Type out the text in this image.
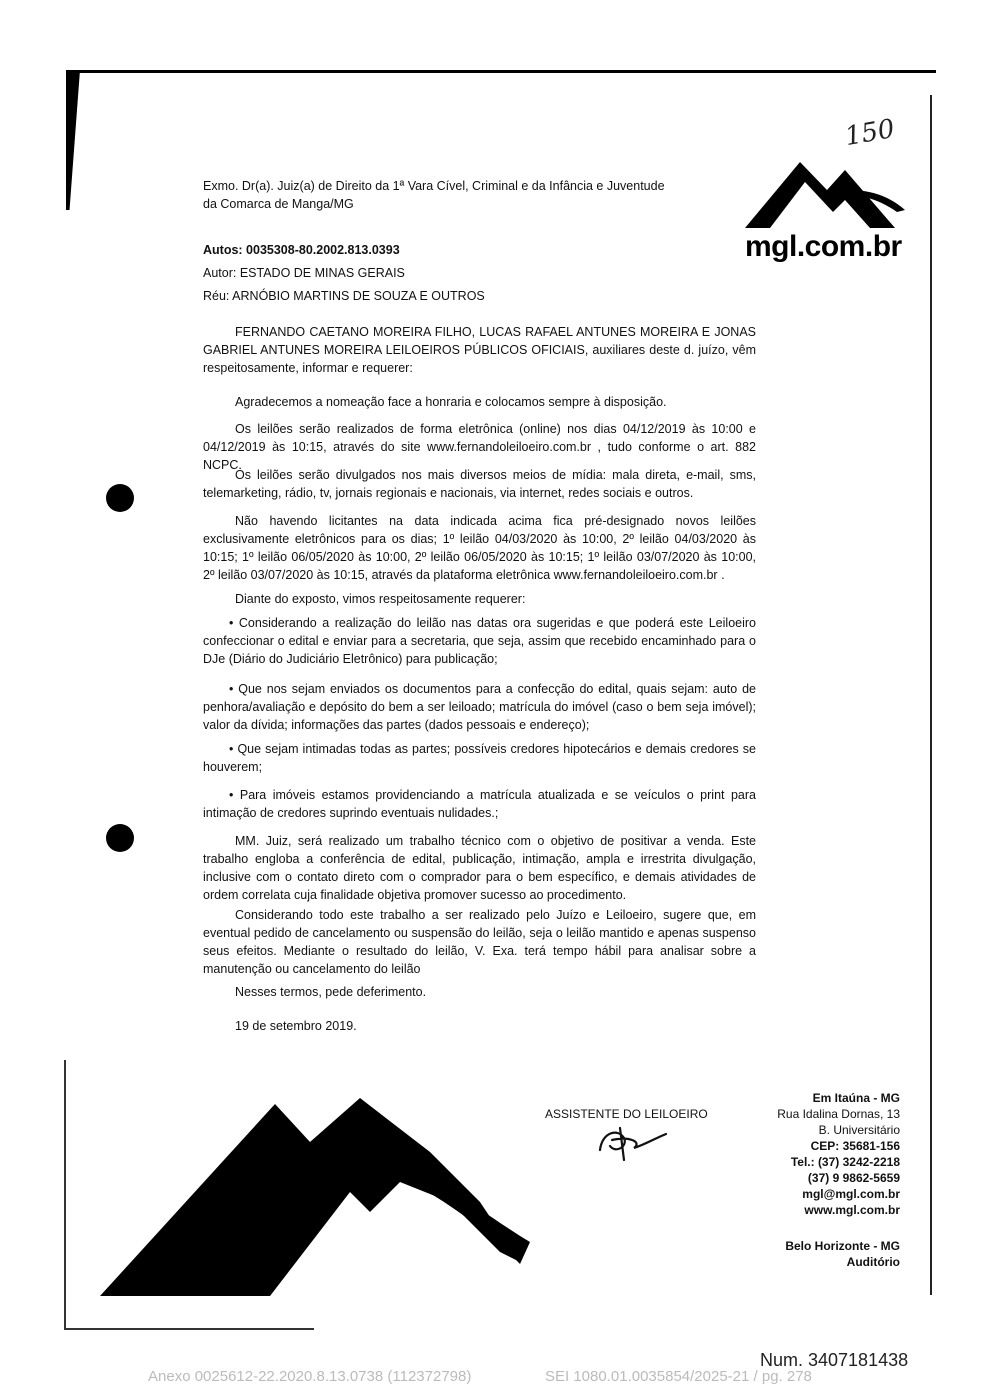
150
mgl.com.br
Exmo. Dr(a). Juiz(a) de Direito da 1ª Vara Cível, Criminal e da Infância e Juventude da Comarca de Manga/MG
Autos: 0035308-80.2002.813.0393
Autor: ESTADO DE MINAS GERAIS
Réu: ARNÓBIO MARTINS DE SOUZA E OUTROS
FERNANDO CAETANO MOREIRA FILHO, LUCAS RAFAEL ANTUNES MOREIRA E JONAS GABRIEL ANTUNES MOREIRA LEILOEIROS PÚBLICOS OFICIAIS, auxiliares deste d. juízo, vêm respeitosamente, informar e requerer:
Agradecemos a nomeação face a honraria e colocamos sempre à disposição.
Os leilões serão realizados de forma eletrônica (online) nos dias 04/12/2019 às 10:00 e 04/12/2019 às 10:15, através do site www.fernandoleiloeiro.com.br , tudo conforme o art. 882 NCPC.
Os leilões serão divulgados nos mais diversos meios de mídia: mala direta, e-mail, sms, telemarketing, rádio, tv, jornais regionais e nacionais, via internet, redes sociais e outros.
Não havendo licitantes na data indicada acima fica pré-designado novos leilões exclusivamente eletrônicos para os dias; 1º leilão 04/03/2020 às 10:00, 2º leilão 04/03/2020 às 10:15; 1º leilão 06/05/2020 às 10:00, 2º leilão 06/05/2020 às 10:15; 1º leilão 03/07/2020 às 10:00, 2º leilão 03/07/2020 às 10:15, através da plataforma eletrônica www.fernandoleiloeiro.com.br .
Diante do exposto, vimos respeitosamente requerer:
• Considerando a realização do leilão nas datas ora sugeridas e que poderá este Leiloeiro confeccionar o edital e enviar para a secretaria, que seja, assim que recebido encaminhado para o DJe (Diário do Judiciário Eletrônico) para publicação;
• Que nos sejam enviados os documentos para a confecção do edital, quais sejam: auto de penhora/avaliação e depósito do bem a ser leiloado; matrícula do imóvel (caso o bem seja imóvel); valor da dívida; informações das partes (dados pessoais e endereço);
• Que sejam intimadas todas as partes; possíveis credores hipotecários e demais credores se houverem;
• Para imóveis estamos providenciando a matrícula atualizada e se veículos o print para intimação de credores suprindo eventuais nulidades.;
MM. Juiz, será realizado um trabalho técnico com o objetivo de positivar a venda. Este trabalho engloba a conferência de edital, publicação, intimação, ampla e irrestrita divulgação, inclusive com o contato direto com o comprador para o bem específico, e demais atividades de ordem correlata cuja finalidade objetiva promover sucesso ao procedimento.
Considerando todo este trabalho a ser realizado pelo Juízo e Leiloeiro, sugere que, em eventual pedido de cancelamento ou suspensão do leilão, seja o leilão mantido e apenas suspenso seus efeitos. Mediante o resultado do leilão, V. Exa. terá tempo hábil para analisar sobre a manutenção ou cancelamento do leilão
Nesses termos, pede deferimento.
19 de setembro 2019.
ASSISTENTE DO LEILOEIRO
Em Itaúna - MG
Rua Idalina Dornas, 13
B. Universitário
CEP: 35681-156
Tel.: (37) 3242-2218
(37) 9 9862-5659
mgl@mgl.com.br
www.mgl.com.br
Belo Horizonte - MG
Auditório
Num. 3407181438
Anexo 0025612-22.2020.8.13.0738 (112372798)	SEI 1080.01.0035854/2025-21 / pg. 278
